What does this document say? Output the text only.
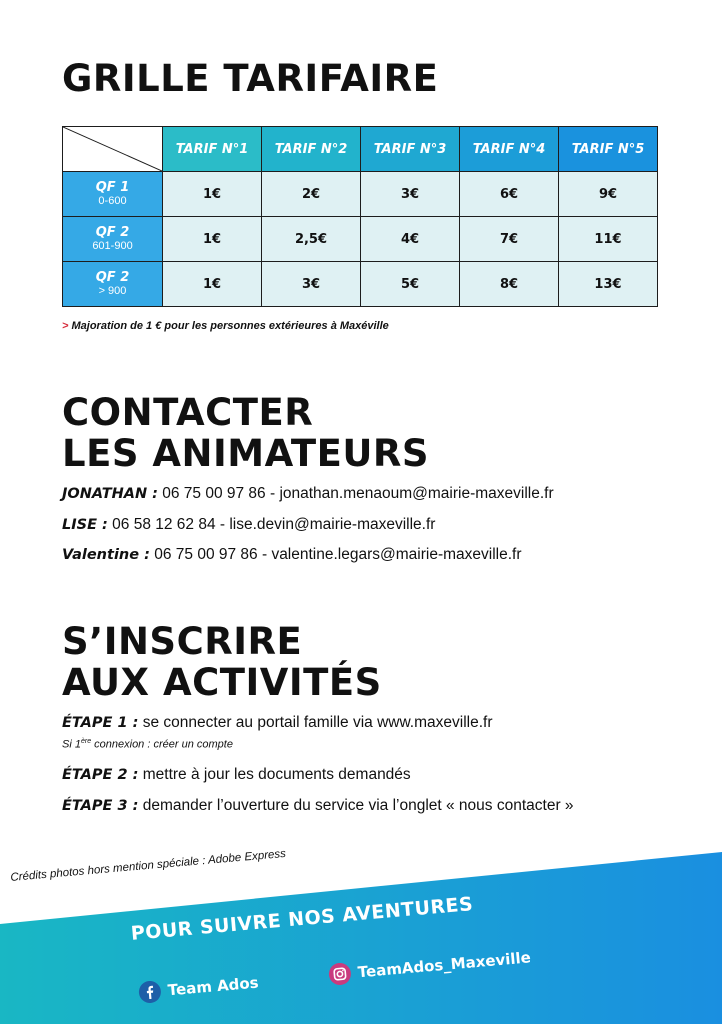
GRILLE TARIFAIRE
	TARIF N°1	TARIF N°2	TARIF N°3	TARIF N°4	TARIF N°5

QF 1
0-600	1€	2€	3€	6€	9€

QF 2
601-900	1€	2,5€	4€	7€	11€

QF 2
> 900	1€	3€	5€	8€	13€
> Majoration de 1 € pour les personnes extérieures à Maxéville
CONTACTER
LES ANIMATEURS
JONATHAN : 06 75 00 97 86 - jonathan.menaoum@mairie-maxeville.fr
LISE : 06 58 12 62 84 - lise.devin@mairie-maxeville.fr
Valentine : 06 75 00 97 86 - valentine.legars@mairie-maxeville.fr
S’INSCRIRE
AUX ACTIVITÉS
ÉTAPE 1 : se connecter au portail famille via www.maxeville.fr
Si 1ère connexion : créer un compte
ÉTAPE 2 : mettre à jour les documents demandés
ÉTAPE 3 : demander l’ouverture du service via l’onglet « nous contacter »
Crédits photos hors mention spéciale : Adobe Express
POUR SUIVRE NOS AVENTURES
Team Ados
TeamAdos_Maxeville
